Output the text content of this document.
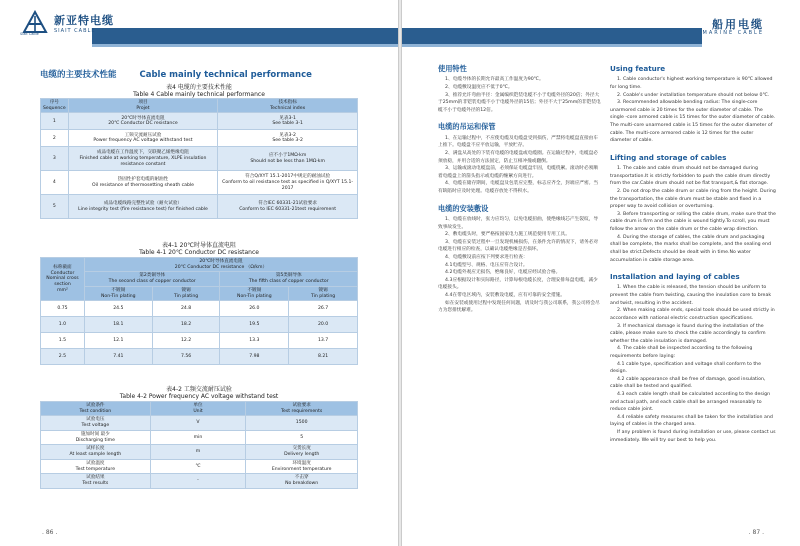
Siait Cable
新亚特电缆
SIAIT CABLE
电缆的主要技术性能	Cable mainly technical performance
表4 电缆的主要技术性能
Table 4 Cable mainly technical performance
序号
Sequence	项目
Projet	技术指标
Technical index
1	20℃时导体直流电阻
20℃ Conductor DC resistance	见表3-1
See table 3-1
2	工频交流耐压试验
Power frequency AC voltage withstand test	见表3-2
See table 3-2
3	成品电缆在工作温度下，交联聚乙烯绝缘电阻
Finished cable at working temperature, XLPE insulation resistance constant	应不小于1MΩ·km
Should not be less than 1MΩ·km
4	热固性护套电缆的耐油性
Oil resistance of thermosetting sheath cable	符合Q/XYT 15.1-2017中规定的耐油试验
Conform to oil resistance test as specified in Q/XYT 15.1-2017
5	成品电缆线路完整性试验（耐火试验）
Line integrity test (fire resistance test) for finished cable	符合IEC 60331-21试验要求
Conform to IEC 60331-21test requirement
表4-1 20℃时导体直流电阻
Table 4-1 20℃ Conductor DC resistance
标称截面
Conductor Nominal cross section
mm²	20℃时导体直流电阻
20℃ Conductor DC resistance （Ω/km）			
	第2类铜导体
The second class of copper conductor		第5类铜导体
The fifth class of copper conductor	
	不镀锡
Non-Tin plating	镀锡
Tin plating	不镀锡
Non-Tin plating	镀锡
Tin plating
0.75	24.5	24.8	26.0	26.7
1.0	18.1	18.2	19.5	20.0
1.5	12.1	12.2	13.3	13.7
2.5	7.41	7.56	7.98	8.21
表4-2 工频交流耐压试验
Table 4-2 Power frequency AC voltage withstand test
试验条件
Test condition	单位
Unit	试验要求
Test requirements
试验电压
Test voltage	V	1500
施加时间 最少
Discharging time	min	5
试样长度
At least sample length	m	交货长度
Delivery length
试验温度
Test temperature	℃	环境温度
Environment temperature
试验结果
Test results	-	不击穿
No breakdown
. 86 .
船用电缆
MARINE CABLE
使用特性

1、电缆导体的长期允许最高工作温度为90℃。

2、电缆敷设温度应不低于0℃。

3、推荐允许弯曲半径：金属编织铠装电缆不小于电缆外径的20倍；外径大于25mm的非铠装电缆不小于电缆外径的15倍；外径不大于25mm的非铠装电缆不小于电缆外径的12倍。

电缆的吊运和保管

1、在运输过程中，不应使电缆及电缆盘受到损伤，严禁将电缆盘直接由车上推下。电缆盘不应平放运输，平放贮存。

2、满盘从高处的下装有电缆的电缆盘或电缆圈。在运输过程中，电缆盘必须放稳，并用合适的方法固定，防止互相冲撞或翻倒。

3、运输或滚动电缆盘前，必须保证电缆盘牢固，电缆绕紧。滚动时必须顺着电缆盘上的箭头指示或电缆的缠紧方向进行。

4、电缆在储存期间，电缆盘及包装应完整，标志应齐全，封端应严密。当有缺陷时应及时处理。电缆存放处不得积水。

电缆的安装敷设

1、电缆在放线时，张力应均匀，以免电缆扭曲，使绝缘线芯产生裂纹，导致事故发生。

2、敷电缆头时，要严格按国家电力施工规范使用专用工具。

3、电缆在安装过程中一旦发现机械损伤，在条件允许的情况下，请务必对电缆进行相应的检查，以确认电缆绝缘是否损坏。

4、电缆敷设前应按下列要求进行检查：

4.1电缆型号、规格、电压应符合设计。

4.2电缆外观应无损伤，绝缘良好，电缆应经试验合格。

4.3应根据设计和实际路径，计算每根电缆长度，合理安排每盘电缆，减少电缆接头。

4.4在带电区域内，安装敷设电缆，应有可靠的安全措施。

如在安装或使用过程中发现任何问题，请及时与我公司联系，我公司将会尽力为您排忧解难。

Using feature

1. Cable conductor's highest working temperature is 90℃ allowed for long time.

2. Coable's under installation temperature should not below 0℃.

3. Recommended allowable bending radius: The single-core unarmored cable is 20 times for the outer diameter of cable. The single -core armored cable is 15 times for the outer diameter of cable. The multi-core unarmored cable is 15 times for the outer diameter of cable. The multi-core armored cable is 12 times for the outer diameter of cable.

Lifting and storage of cables

1. The cable and cable drum should not be damaged during transportation.It is strictly forbidden to push the cable drum directly from the car.Cable drum should not be flat transport,& flat storage.

2. Do not drop the cable drum or cable ring from the height. During the transportation, the cable drum must be stable and fixed in a proper way to avoid collision or overturning.

3. Before transporting or rolling the cable drum, make sure that the cable drum is firm and the cable is wound tightly.To scroll, you must follow the arrow on the cable drum or the cable wrap direction.

4. During the storage of cables, the cable drum and packaging shall be complete, the marks shall be complete, and the sealing end shall be strict.Defects should be dealt with in time.No water accumulation in cable storage area.

Installation and laying of cables

1. When the cable is released, the tension should be uniform to prevent the cable from twisting, causing the insulation core to break and twist, resulting in the accident.

2. When making cable ends, special tools should be used strictly in accordance with national electric construction specifications.

3. If mechanical damage is found during the installation of the cable, please make sure to check the cable accordingly to confirm whether the cable insulation is damaged.

4. The cable shall be inspected according to the following requirements before laying:

4.1 cable type, specification and voltage shall conform to the design.

4.2 cable appearance shall be free of damage, good insulation, cable shall be tested and qualified.

4.3 each cable length shall be calculated according to the design and actual path, and each cable shall be arranged reasonably to reduce cable joint.

4.4 reliable safety measures shall be taken for the installation and laying of cables in the charged area.

If any problem is found during installation or use, please contact us immediately. We will try our best to help you.

. 87 .
